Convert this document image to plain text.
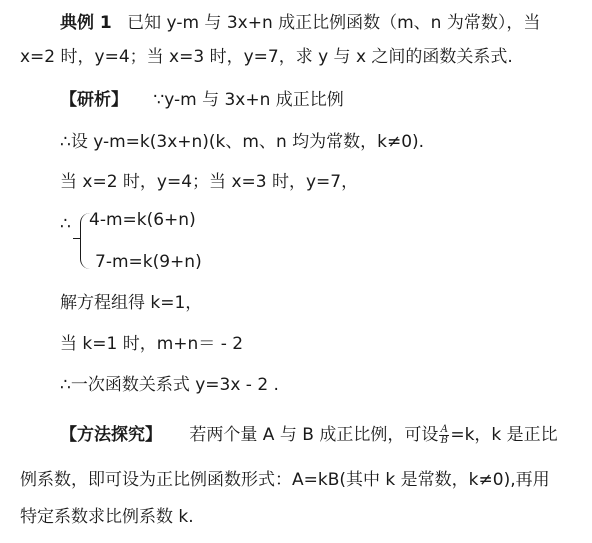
典例 1 已知 y-m 与 3x+n 成正比例函数（m、n 为常数），当
x=2 时，y=4；当 x=3 时，y=7，求 y 与 x 之间的函数关系式.
【研析】 ∵y-m 与 3x+n 成正比例
∴设 y-m=k(3x+n)(k、m、n 均为常数，k≠0).
当 x=2 时，y=4；当 x=3 时，y=7，
∴ 4-m=k(6+n)
7-m=k(9+n)
解方程组得 k=1，
当 k=1 时，m+n＝ - 2
∴一次函数关系式 y=3x - 2 .
【方法探究】 若两个量 A 与 B 成正比例，可设 $\frac{A}{B} =k$，k 是正比
例系数，即可设为正比例函数形式：A=kB(其中 k 是常数，k≠0),再用
特定系数求比例系数 k.
